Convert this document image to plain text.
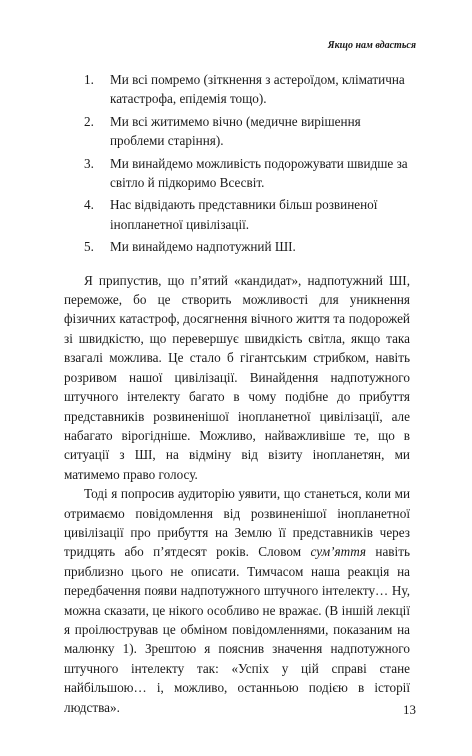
Якщо нам вдасться
1.	Ми всі помремо (зіткнення з астероїдом, кліматична катастрофа, епідемія тощо).
2.	Ми всі житимемо вічно (медичне вирішення проблеми старіння).
3.	Ми винайдемо можливість подорожувати швидше за світло й підкоримо Всесвіт.
4.	Нас відвідають представники більш розвиненої інопланетної цивілізації.
5.	Ми винайдемо надпотужний ШІ.

Я припустив, що п’ятий «кандидат», надпотужний ШІ, переможе, бо це створить можливості для уникнення фізичних катастроф, досягнення вічного життя та подорожей зі швидкістю, що перевершує швидкість світла, якщо така взагалі можлива. Це стало б гігантським стрибком, навіть розривом нашої цивілізації. Винайдення надпотужного штучного інтелекту багато в чому подібне до прибуття представників розвиненішої інопланетної цивілізації, але набагато вірогідніше. Можливо, найважливіше те, що в ситуації з ШІ, на відміну від візиту інопланетян, ми матимемо право голосу.

Тоді я попросив аудиторію уявити, що станеться, коли ми отримаємо повідомлення від розвиненішої інопланетної цивілізації про прибуття на Землю її представників через тридцять або п’ятдесят років. Словом сум’яття навіть приблизно цього не описати. Тимчасом наша реакція на передбачення появи надпотужного штучного інтелекту… Ну, можна сказати, це нікого особливо не вражає. (В іншій лекції я проілюстрував це обміном повідомленнями, показаним на малюнку 1). Зрештою я пояснив значення надпотужного штучного інтелекту так: «Успіх у цій справі стане найбільшою… і, можливо, останньою подією в історії людства».	13
